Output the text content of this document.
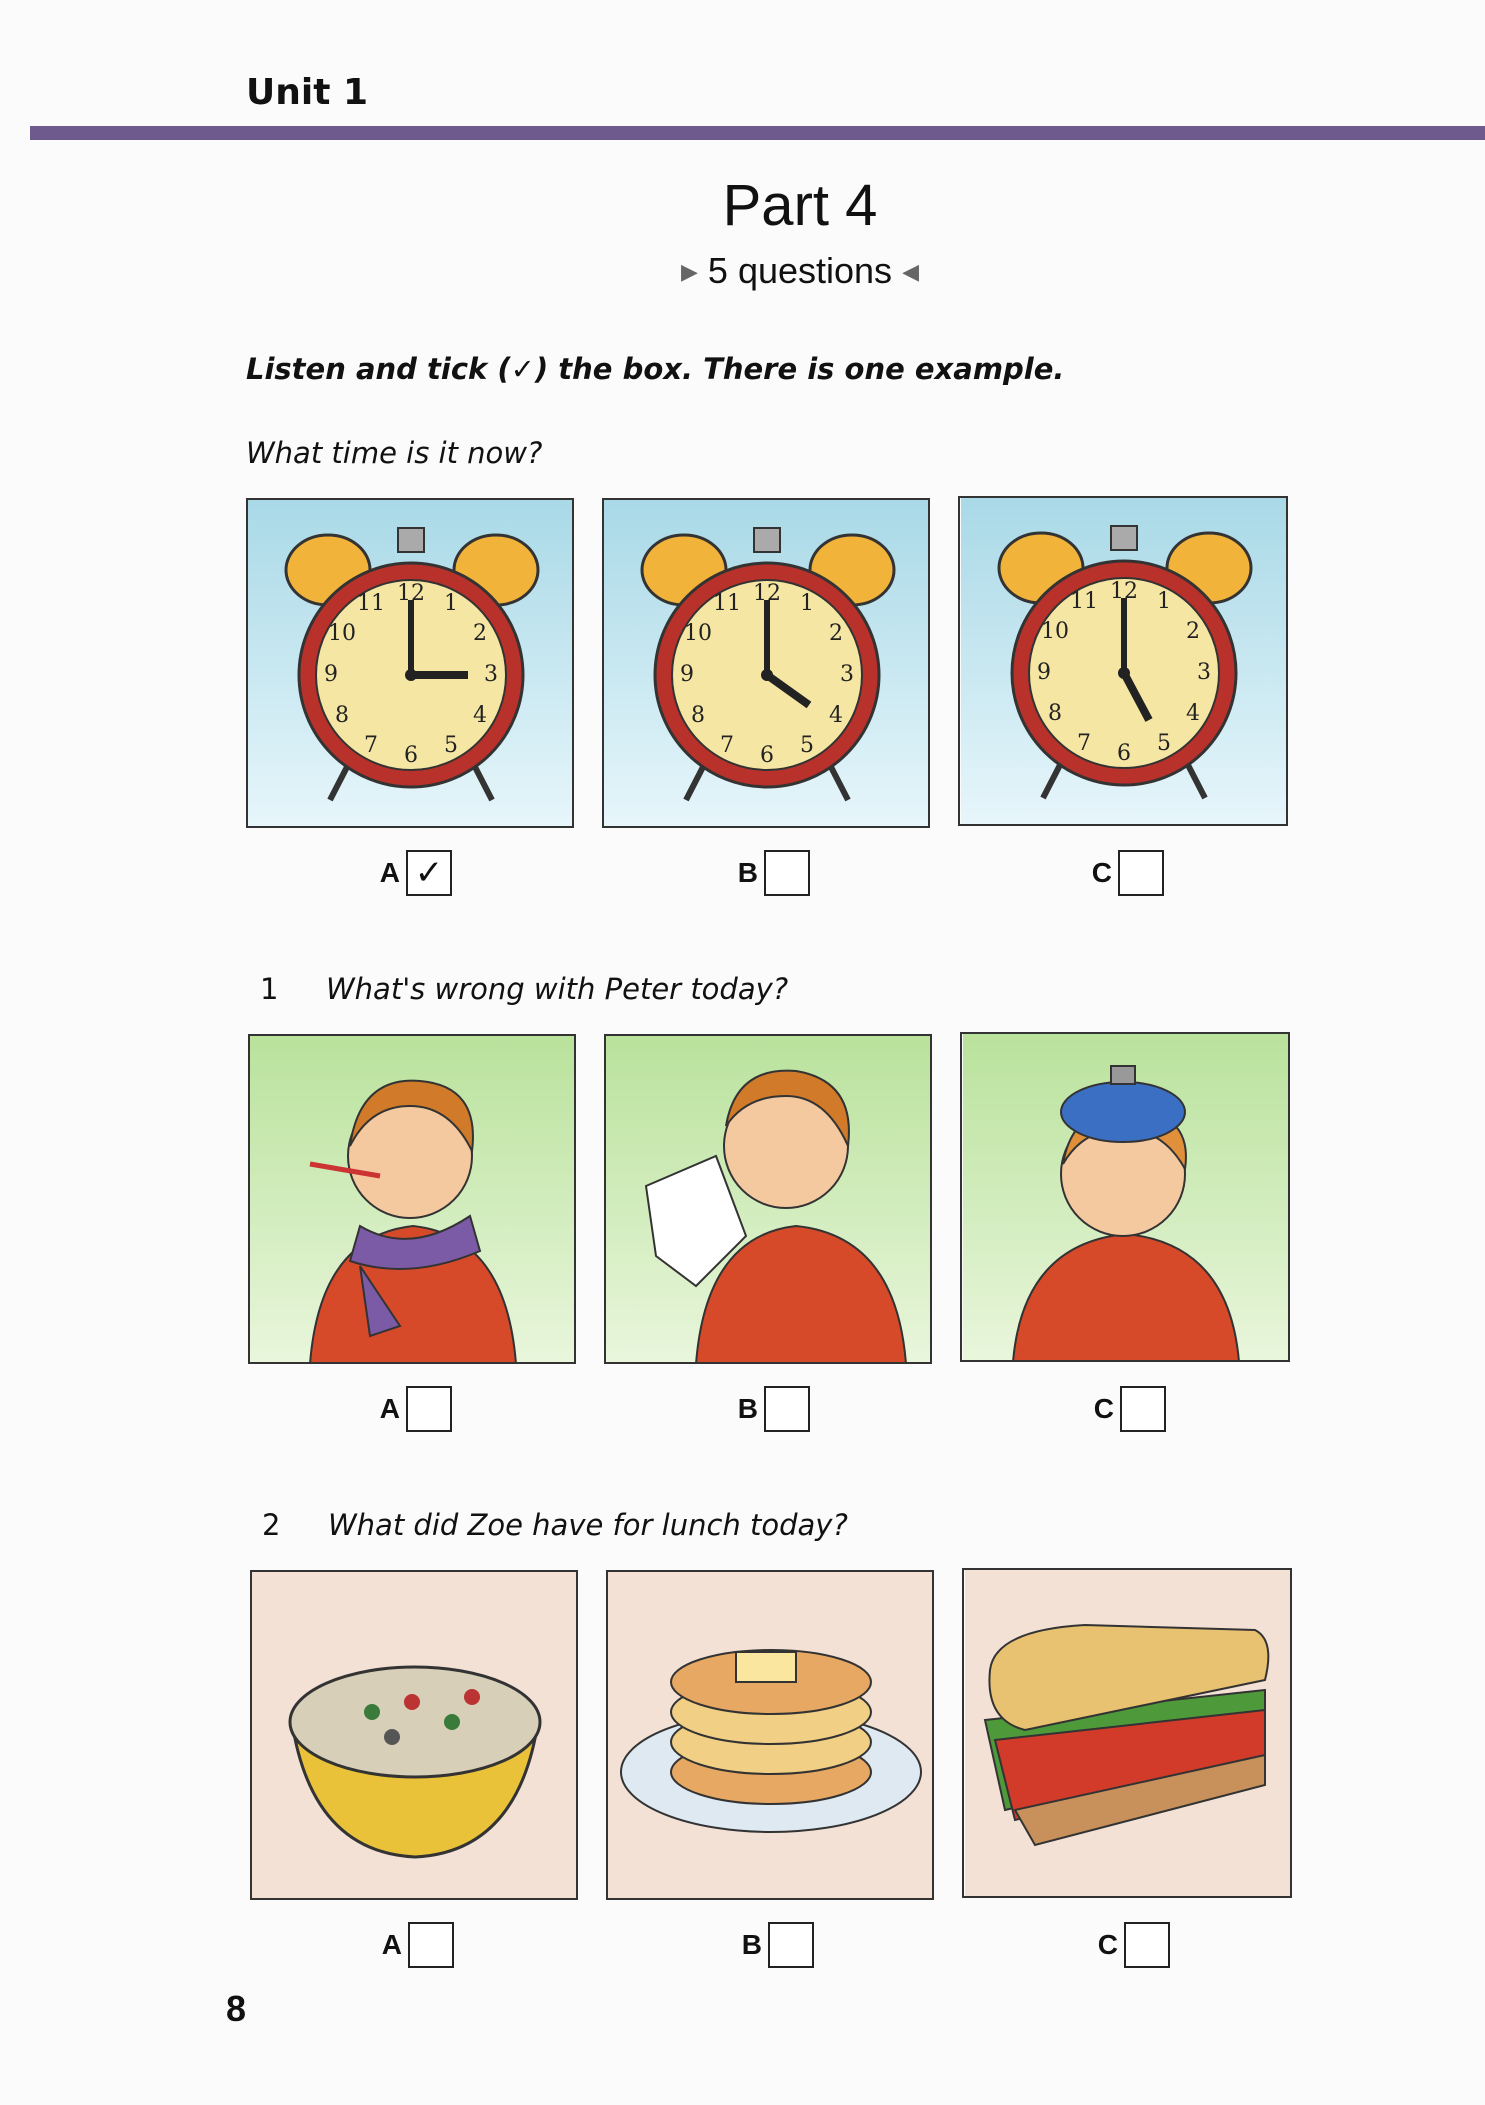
Unit 1
Part 4
▶ 5 questions ◀
Listen and tick (✓) the box. There is one example.
What time is it now?
12 1
2
3
4
5
6
7
8
9
10
11	12 1
2
3
4
5
6
7
8
9
10
11	12 1
2
3
4
5
6
7
8
9
10
11
A ✓	B	C
1 What's wrong with Peter today?
A	B	C
2 What did Zoe have for lunch today?
A	B	C
8
